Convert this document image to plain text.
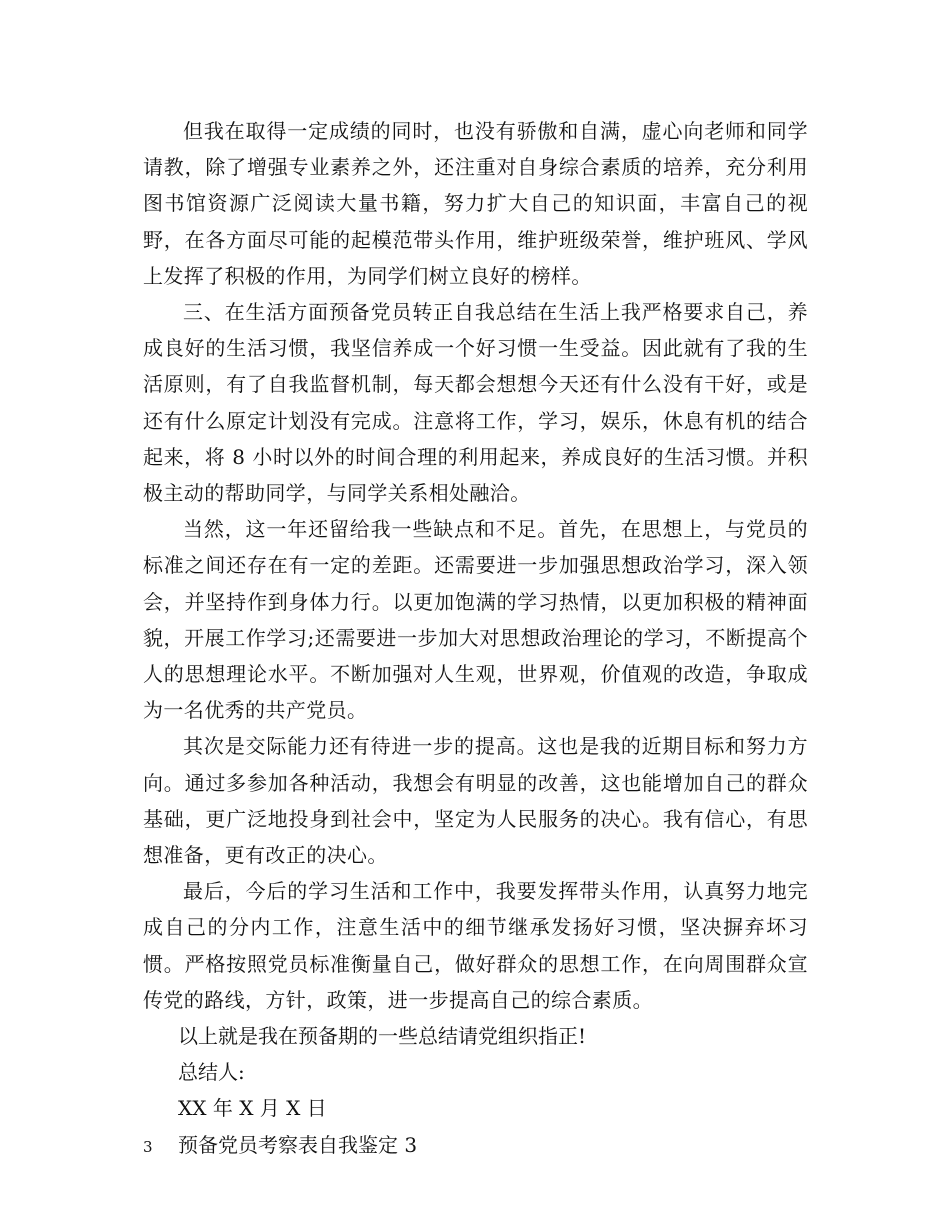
但我在取得一定成绩的同时，也没有骄傲和自满，虚心向老师和同学请教，除了增强专业素养之外，还注重对自身综合素质的培养，充分利用图书馆资源广泛阅读大量书籍，努力扩大自己的知识面，丰富自己的视野，在各方面尽可能的起模范带头作用，维护班级荣誉，维护班风、学风上发挥了积极的作用，为同学们树立良好的榜样。

三、在生活方面预备党员转正自我总结在生活上我严格要求自己，养成良好的生活习惯，我坚信养成一个好习惯一生受益。因此就有了我的生活原则，有了自我监督机制，每天都会想想今天还有什么没有干好，或是还有什么原定计划没有完成。注意将工作，学习，娱乐，休息有机的结合起来，将 8 小时以外的时间合理的利用起来，养成良好的生活习惯。并积极主动的帮助同学，与同学关系相处融洽。

当然，这一年还留给我一些缺点和不足。首先，在思想上，与党员的标准之间还存在有一定的差距。还需要进一步加强思想政治学习，深入领会，并坚持作到身体力行。以更加饱满的学习热情，以更加积极的精神面貌，开展工作学习;还需要进一步加大对思想政治理论的学习，不断提高个人的思想理论水平。不断加强对人生观，世界观，价值观的改造，争取成为一名优秀的共产党员。

其次是交际能力还有待进一步的提高。这也是我的近期目标和努力方向。通过多参加各种活动，我想会有明显的改善，这也能增加自己的群众基础，更广泛地投身到社会中，坚定为人民服务的决心。我有信心，有思想准备，更有改正的决心。

最后，今后的学习生活和工作中，我要发挥带头作用，认真努力地完成自己的分内工作，注意生活中的细节继承发扬好习惯，坚决摒弃坏习惯。严格按照党员标准衡量自己，做好群众的思想工作，在向周围群众宣传党的路线，方针，政策，进一步提高自己的综合素质。

以上就是我在预备期的一些总结请党组织指正!

总结人:

XX 年 X 月 X 日

预备党员考察表自我鉴定 3

3
